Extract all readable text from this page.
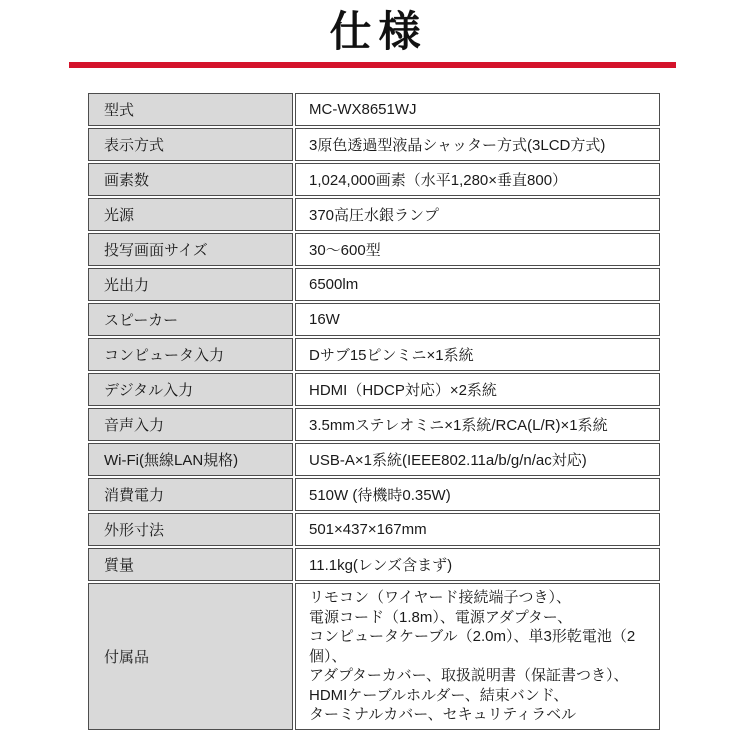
仕様
型式	MC-WX8651WJ
表示方式	3原色透過型液晶シャッター方式(3LCD方式)
画素数	1,024,000画素（水平1,280×垂直800）
光源	370高圧水銀ランプ
投写画面サイズ	30〜600型
光出力	6500lm
スピーカー	16W
コンピュータ入力	Dサブ15ピンミニ×1系統
デジタル入力	HDMI（HDCP対応）×2系統
音声入力	3.5mmステレオミニ×1系統/RCA(L/R)×1系統
Wi-Fi(無線LAN規格)	USB-A×1系統(IEEE802.11a/b/g/n/ac対応)
消費電力	510W (待機時0.35W)
外形寸法	501×437×167mm
質量	11.1kg(レンズ含まず)
付属品	リモコン（ワイヤード接続端子つき）、
電源コード（1.8m）、電源アダプター、
コンピュータケーブル（2.0m）、単3形乾電池（2個）、
アダプターカバー、取扱説明書（保証書つき）、
HDMIケーブルホルダー、結束バンド、
ターミナルカバー、セキュリティラベル
